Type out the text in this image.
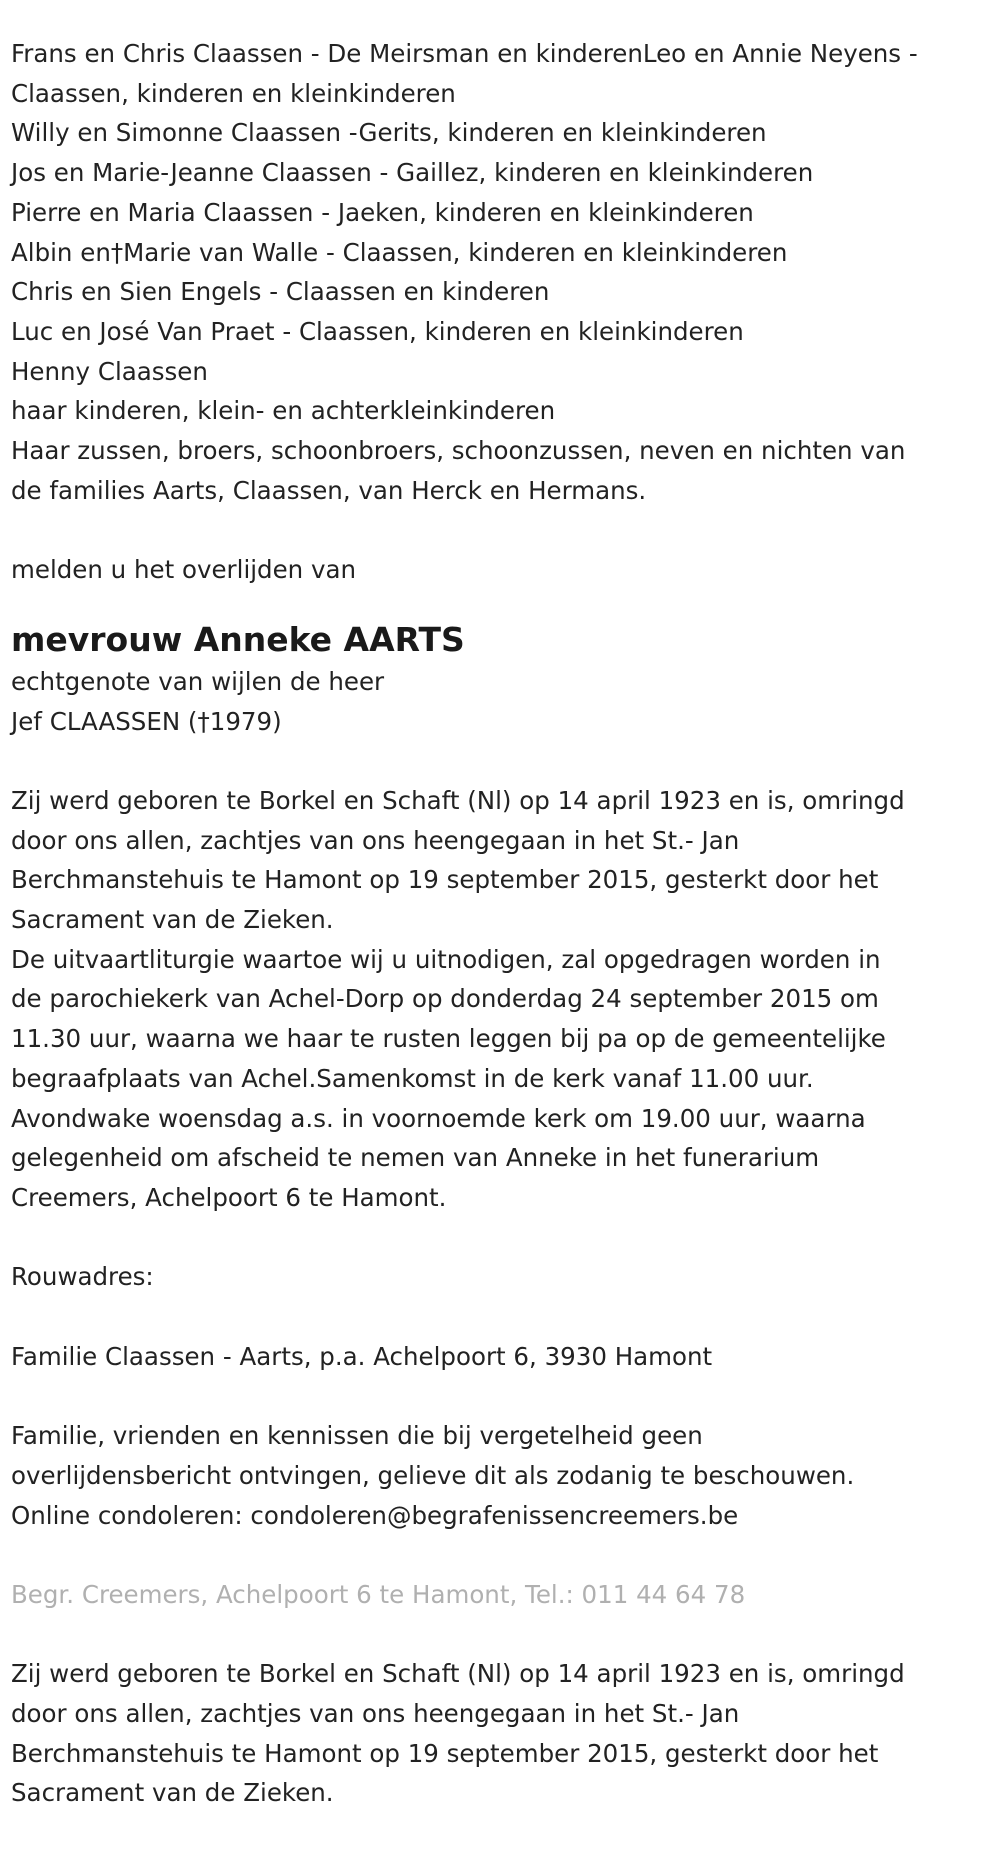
Frans en Chris Claassen - De Meirsman en kinderenLeo en Annie Neyens -
Claassen, kinderen en kleinkinderen
Willy en Simonne Claassen -Gerits, kinderen en kleinkinderen
Jos en Marie-Jeanne Claassen - Gaillez, kinderen en kleinkinderen
Pierre en Maria Claassen - Jaeken, kinderen en kleinkinderen
Albin en†Marie van Walle - Claassen, kinderen en kleinkinderen
Chris en Sien Engels - Claassen en kinderen
Luc en José Van Praet - Claassen, kinderen en kleinkinderen
Henny Claassen
haar kinderen, klein- en achterkleinkinderen
Haar zussen, broers, schoonbroers, schoonzussen, neven en nichten van
de families Aarts, Claassen, van Herck en Hermans.
melden u het overlijden van
mevrouw Anneke AARTS
echtgenote van wijlen de heer
Jef CLAASSEN (†1979)
Zij werd geboren te Borkel en Schaft (Nl) op 14 april 1923 en is, omringd
door ons allen, zachtjes van ons heengegaan in het St.- Jan
Berchmanstehuis te Hamont op 19 september 2015, gesterkt door het
Sacrament van de Zieken.
De uitvaartliturgie waartoe wij u uitnodigen, zal opgedragen worden in
de parochiekerk van Achel-Dorp op donderdag 24 september 2015 om
11.30 uur, waarna we haar te rusten leggen bij pa op de gemeentelijke
begraafplaats van Achel.Samenkomst in de kerk vanaf 11.00 uur.
Avondwake woensdag a.s. in voornoemde kerk om 19.00 uur, waarna
gelegenheid om afscheid te nemen van Anneke in het funerarium
Creemers, Achelpoort 6 te Hamont.
Rouwadres:
Familie Claassen - Aarts, p.a. Achelpoort 6, 3930 Hamont
Familie, vrienden en kennissen die bij vergetelheid geen
overlijdensbericht ontvingen, gelieve dit als zodanig te beschouwen.
Online condoleren: condoleren@begrafenissencreemers.be
Begr. Creemers, Achelpoort 6 te Hamont, Tel.: 011 44 64 78
Zij werd geboren te Borkel en Schaft (Nl) op 14 april 1923 en is, omringd
door ons allen, zachtjes van ons heengegaan in het St.- Jan
Berchmanstehuis te Hamont op 19 september 2015, gesterkt door het
Sacrament van de Zieken.
